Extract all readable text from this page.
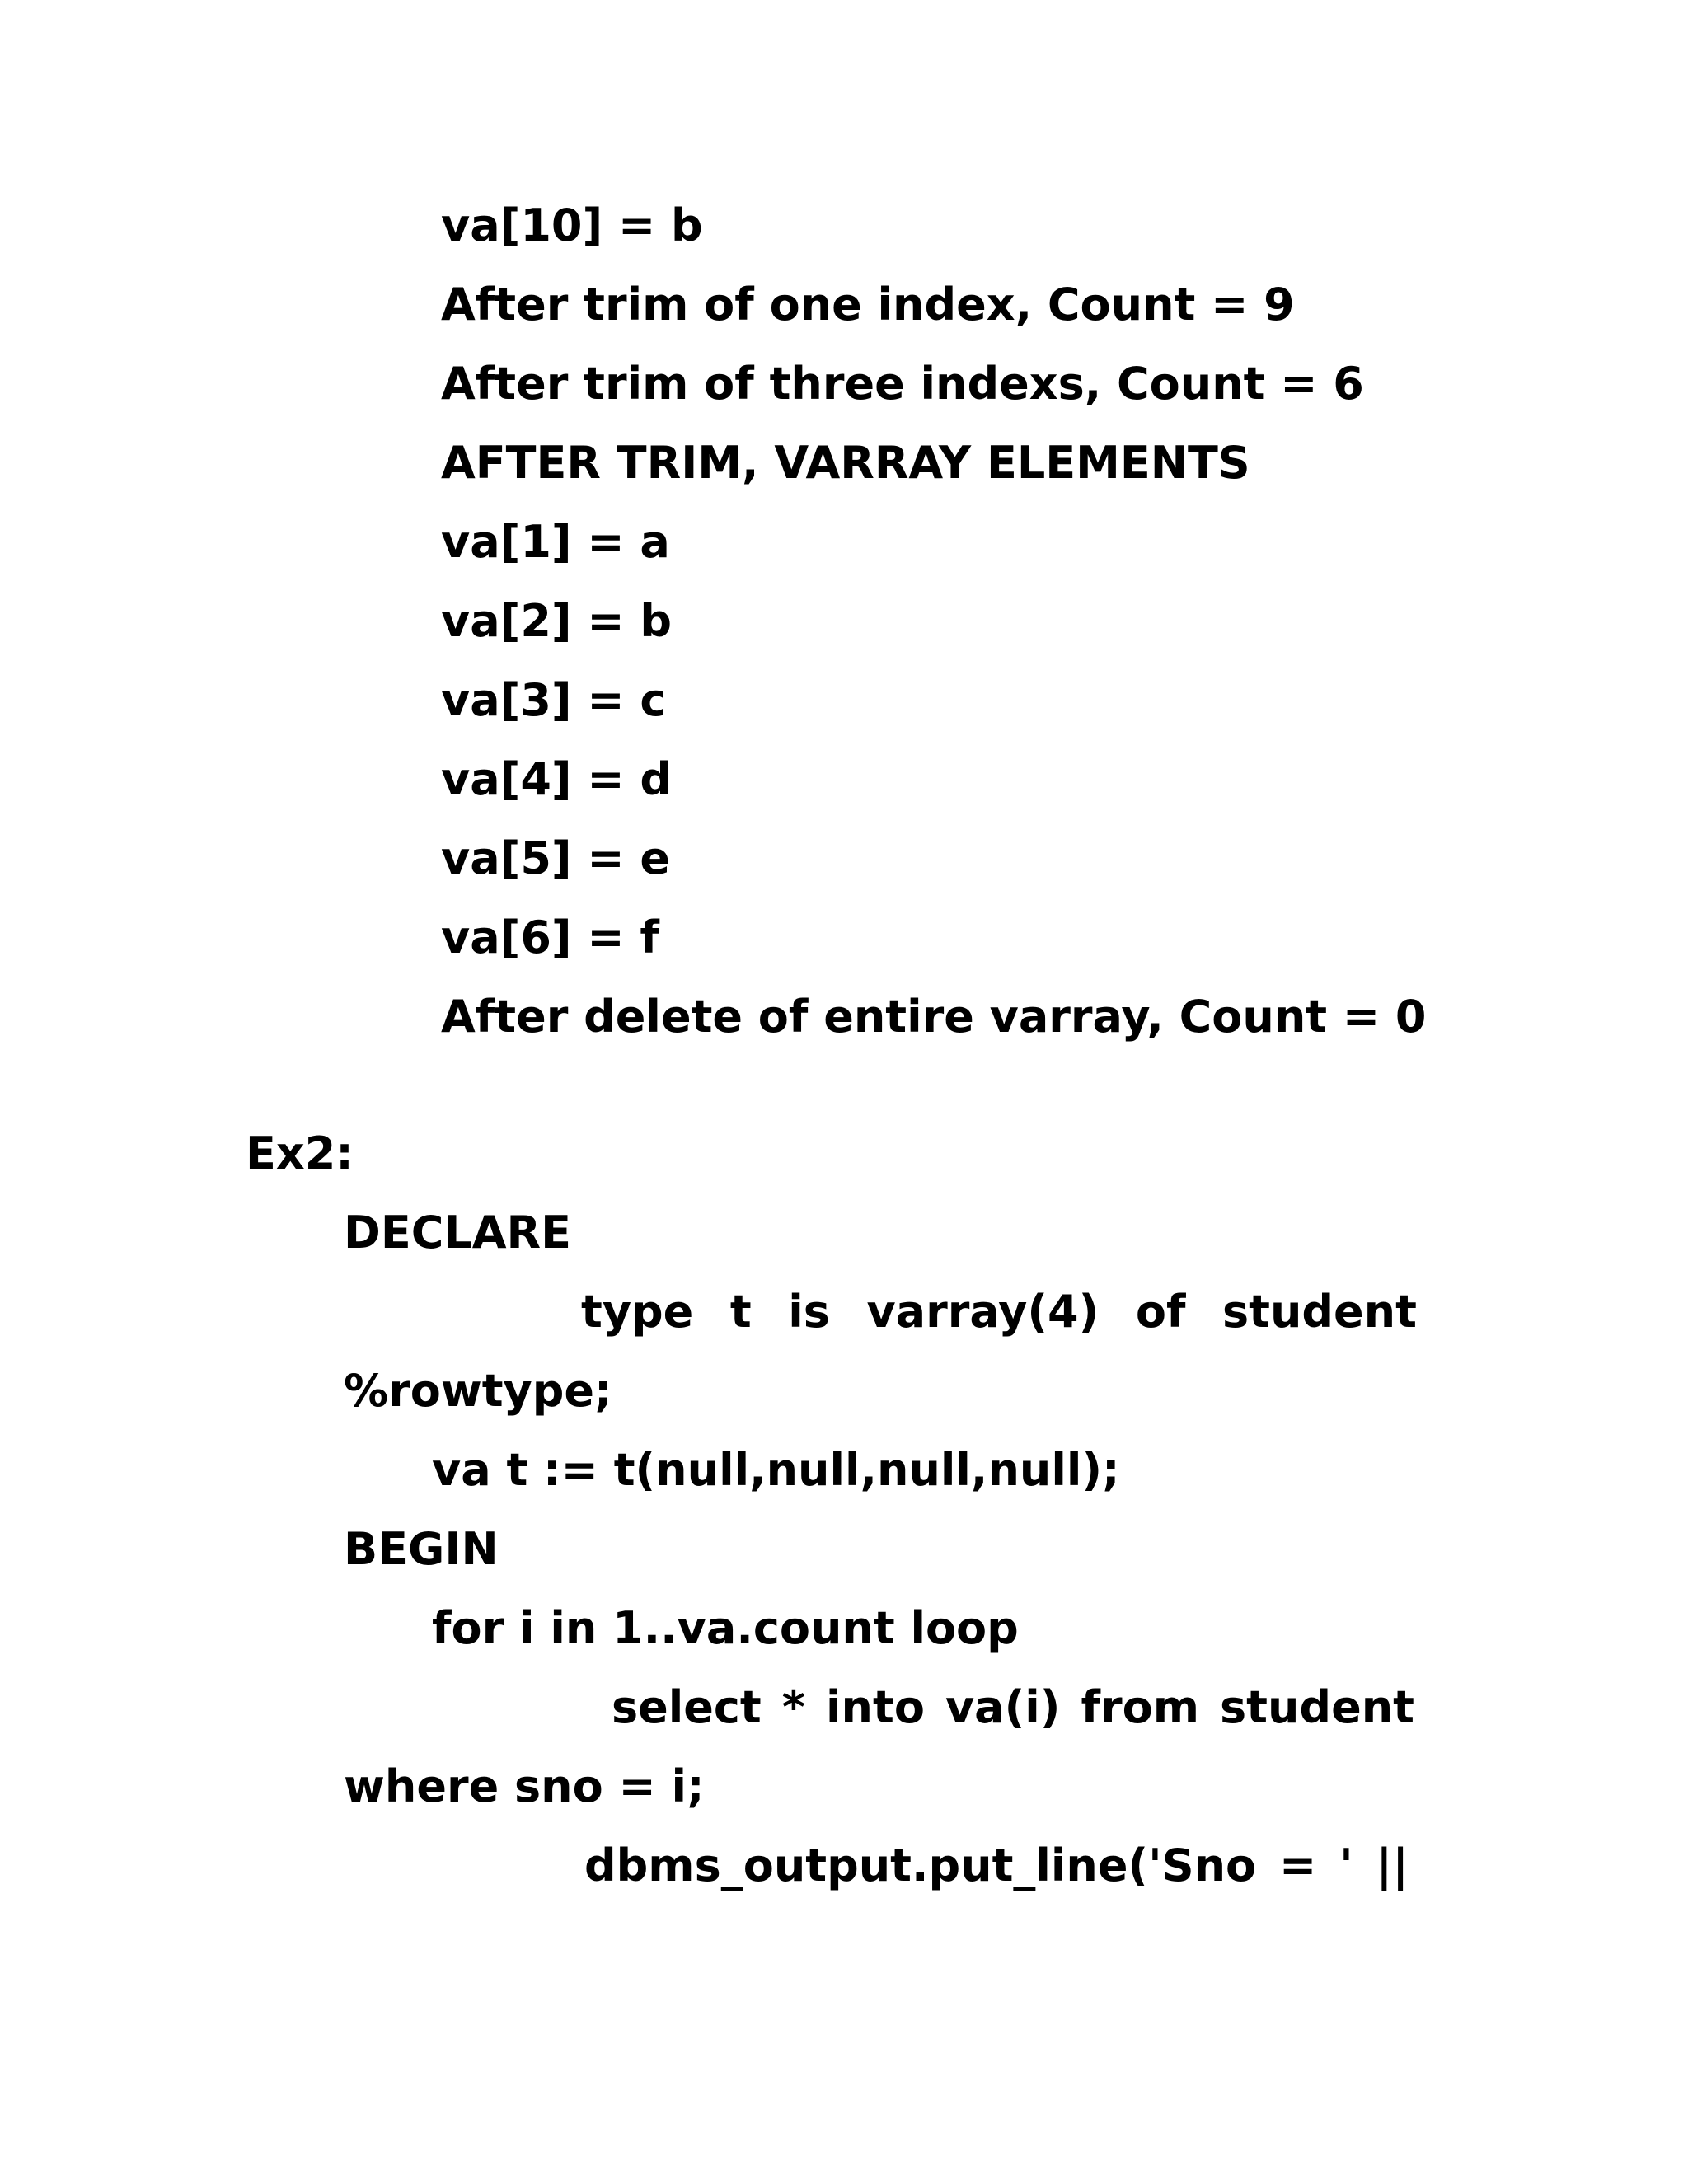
va[10] = b
After trim of one index, Count = 9
After trim of three indexs, Count = 6
AFTER TRIM, VARRAY ELEMENTS
va[1] = a
va[2] = b
va[3] = c
va[4] = d
va[5] = e
va[6] = f
After delete of entire varray, Count = 0
Ex2:
DECLARE
type t is varray(4) of student
%rowtype;
va t := t(null,null,null,null);
BEGIN
for i in 1..va.count loop
select * into va(i) from student
where sno = i;
dbms_output.put_line('Sno = ' ||
